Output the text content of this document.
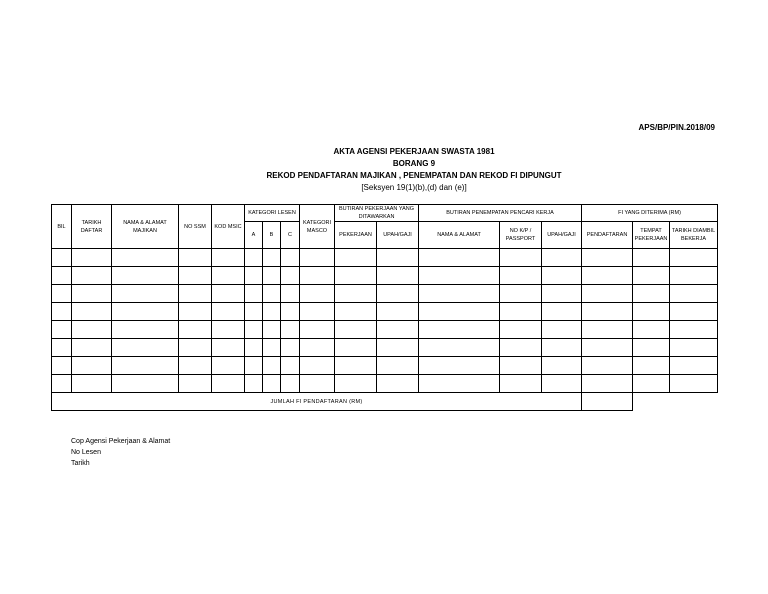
APS/BP/PIN.2018/09
AKTA AGENSI PEKERJAAN SWASTA 1981
BORANG 9
REKOD PENDAFTARAN MAJIKAN , PENEMPATAN DAN REKOD FI DIPUNGUT
[Seksyen 19(1)(b),(d) dan (e)]
BIL	TARIKH DAFTAR	NAMA & ALAMAT MAJIKAN	NO SSM	KOD MSIC	KATEGORI LESEN			KATEGORI MASCO	BUTIRAN PEKERJAAN YANG DITAWARKAN		BUTIRAN PENEMPATAN PENCARI KERJA			FI YANG DITERIMA (RM)		
					A	B	C		PEKERJAAN	UPAH/GAJI	NAMA & ALAMAT	NO K/P / PASSPORT	UPAH/GAJI	PENDAFTARAN	TEMPAT PEKERJAAN	TARIKH DIAMBIL BEKERJA

JUMLAH FI PENDAFTARAN (RM)																
Cop Agensi Pekerjaan & Alamat
No Lesen
Tarikh
